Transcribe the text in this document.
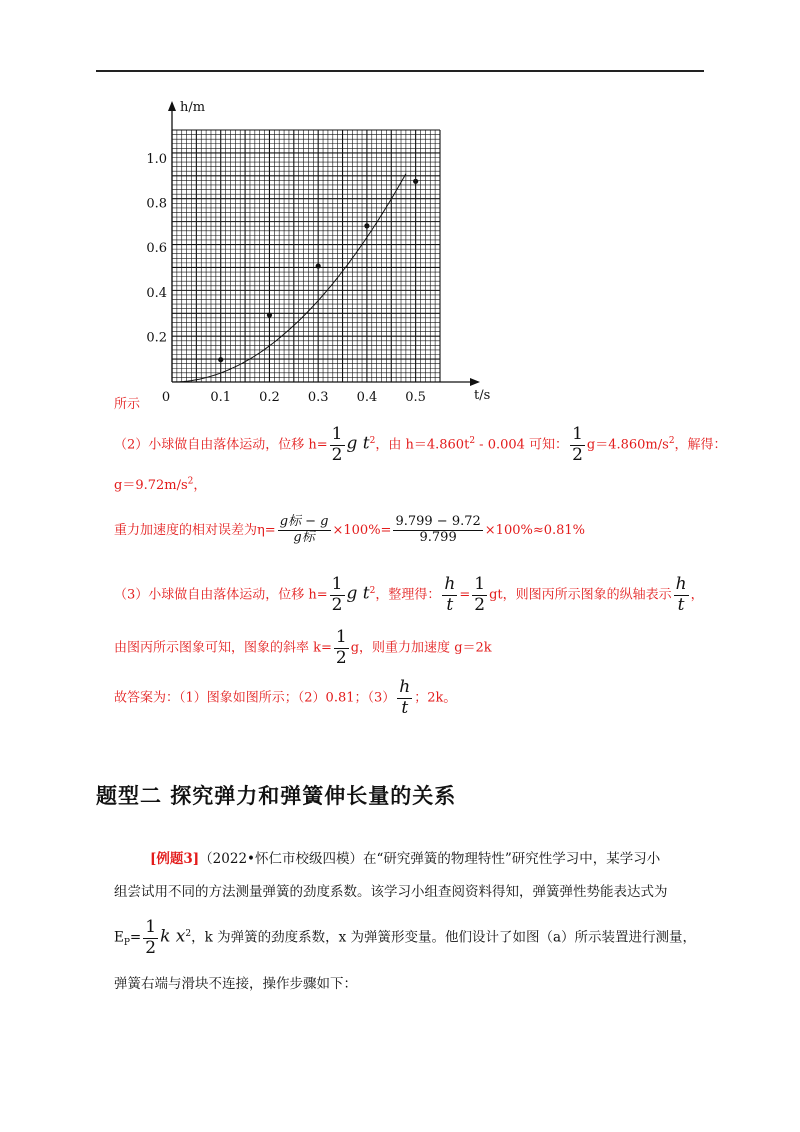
0	0.1 0.2 0.3 0.4 0.5
0.2
0.4
0.6
0.8
1.0
h/m
t/s
所示
（2）小球做自由落体运动，位移 $h= \frac{1}{2}$ g $t^2$，由 $h=4.860t^2 - 0.004$ 可知： $\frac{1}{2} g=4.860m/s^2$，解得：
$g=9.72m/s^2$，
重力加速度的相对误差为$\eta= \frac{\text{g标 − g}}{\text{g标}} \times 100\%= \frac{9.799 - 9.72}{9.799} \times 100\%\approx 0.81\%$
（3）小球做自由落体运动，位移 $h= \frac{1}{2}$ g $t^2$，整理得： $\frac{h}{t} = \frac{1}{2}$ gt，则图丙所示图象的纵轴表示 $\frac{h}{t}$ ，
由图丙所示图象可知，图象的斜率 $k= \frac{1}{2}$ g，则重力加速度 g＝2k
故答案为：（1）图象如图所示；（2）0.81；$(3) \frac{h}{t}$ ；2k。
题型二 探究弹力和弹簧伸长量的关系
[例题3]（2022•怀仁市校级四模）在“研究弹簧的物理特性”研究性学习中，某学习小
组尝试用不同的方法测量弹簧的劲度系数。该学习小组查阅资料得知，弹簧弹性势能表达式为
$E_P= \frac{1}{2}$ k $x^2$，k 为弹簧的劲度系数，x 为弹簧形变量。他们设计了如图（a）所示装置进行测量，
弹簧右端与滑块不连接，操作步骤如下：
